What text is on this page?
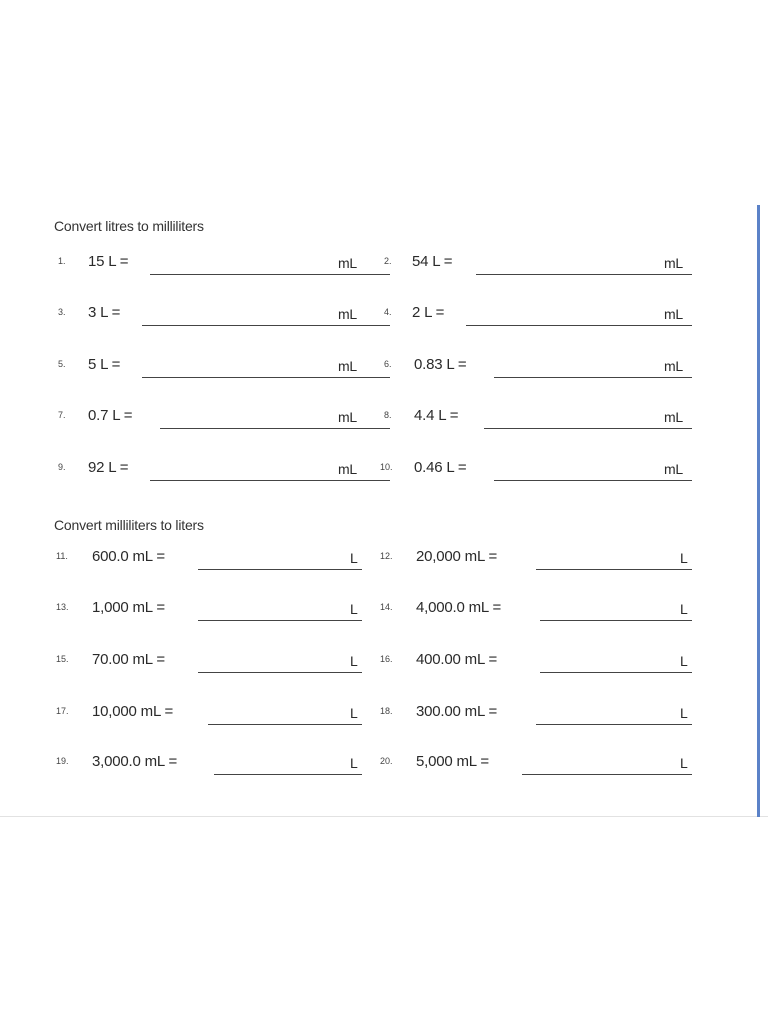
Convert litres to milliliters
1. 15 L =	mL	2. 54 L =	mL
3. 3 L =	mL	4. 2 L =	mL
5. 5 L =	mL	6. 0.83 L =	mL
7. 0.7 L =	mL	8. 4.4 L =	mL
9. 92 L =	mL	10. 0.46 L =	mL
Convert milliliters to liters
11. 600.0 mL =	L	12. 20,000 mL =	L
13. 1,000 mL =	L	14. 4,000.0 mL =	L
15. 70.00 mL =	L	16. 400.00 mL =	L
17. 10,000 mL =	L	18. 300.00 mL =	L
19. 3,000.0 mL =	L	20. 5,000 mL =	L
